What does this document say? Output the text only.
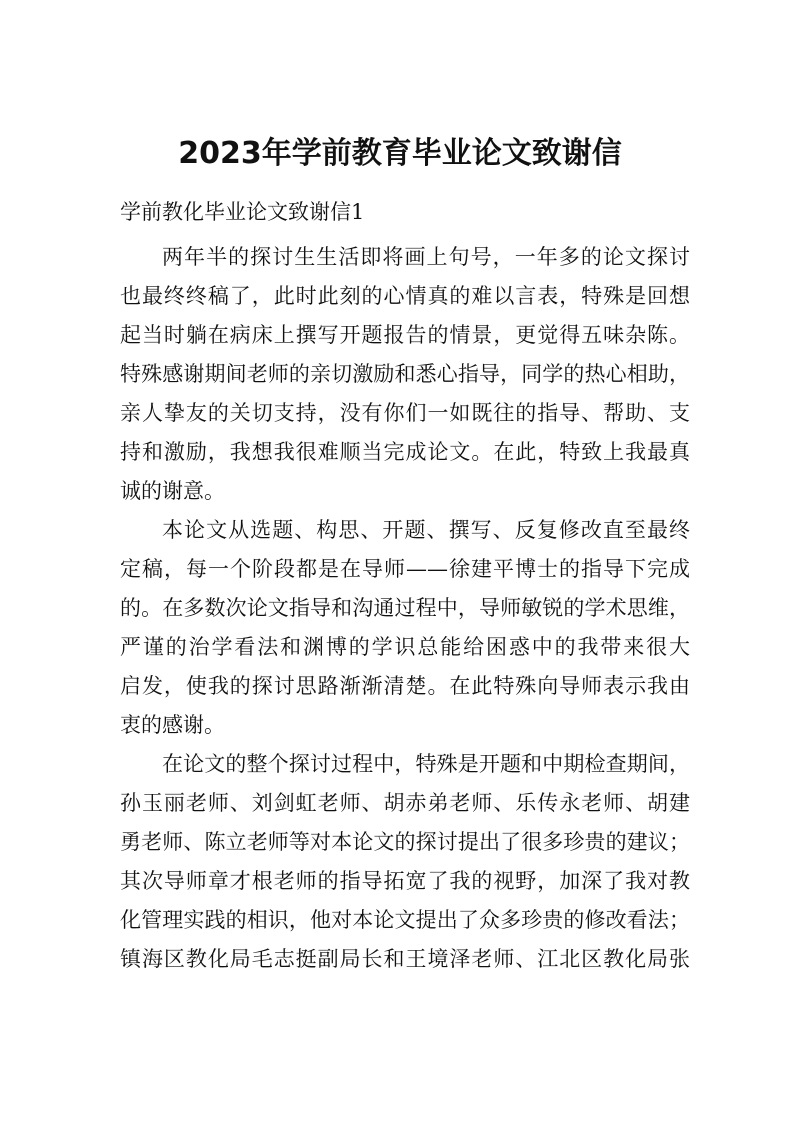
2023年学前教育毕业论文致谢信

学前教化毕业论文致谢信1

两年半的探讨生生活即将画上句号，一年多的论文探讨
也最终终稿了，此时此刻的心情真的难以言表，特殊是回想
起当时躺在病床上撰写开题报告的情景，更觉得五味杂陈。
特殊感谢期间老师的亲切激励和悉心指导，同学的热心相助，
亲人挚友的关切支持，没有你们一如既往的指导、帮助、支
持和激励，我想我很难顺当完成论文。在此，特致上我最真
诚的谢意。
本论文从选题、构思、开题、撰写、反复修改直至最终
定稿，每一个阶段都是在导师——徐建平博士的指导下完成
的。在多数次论文指导和沟通过程中，导师敏锐的学术思维，
严谨的治学看法和渊博的学识总能给困惑中的我带来很大
启发，使我的探讨思路渐渐清楚。在此特殊向导师表示我由
衷的感谢。
在论文的整个探讨过程中，特殊是开题和中期检查期间，
孙玉丽老师、刘剑虹老师、胡赤弟老师、乐传永老师、胡建
勇老师、陈立老师等对本论文的探讨提出了很多珍贵的建议；
其次导师章才根老师的指导拓宽了我的视野，加深了我对教
化管理实践的相识，他对本论文提出了众多珍贵的修改看法；
镇海区教化局毛志挺副局长和王境泽老师、江北区教化局张
